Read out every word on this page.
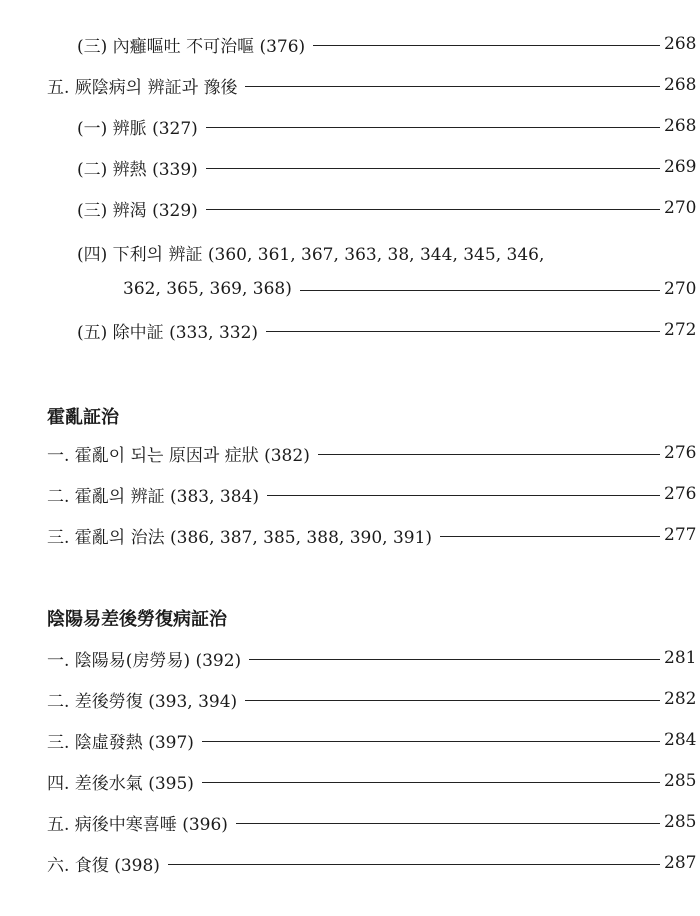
(三) 內癰嘔吐 不可治嘔 (376)	268
五. 厥陰病의 辨証과 豫後	268
(一) 辨脈 (327)	268
(二) 辨熱 (339)	269
(三) 辨渴 (329)	270
(四) 下利의 辨証 (360, 361, 367, 363, 38, 344, 345, 346,
362, 365, 369, 368)	270
(五) 除中証 (333, 332)	272
霍亂証治
一. 霍亂이 되는 原因과 症狀 (382)	276
二. 霍亂의 辨証 (383, 384)	276
三. 霍亂의 治法 (386, 387, 385, 388, 390, 391)	277
陰陽易差後勞復病証治
一. 陰陽易(房勞易) (392)	281
二. 差後勞復 (393, 394)	282
三. 陰虛發熱 (397)	284
四. 差後水氣 (395)	285
五. 病後中寒喜唾 (396)	285
六. 食復 (398)	287
